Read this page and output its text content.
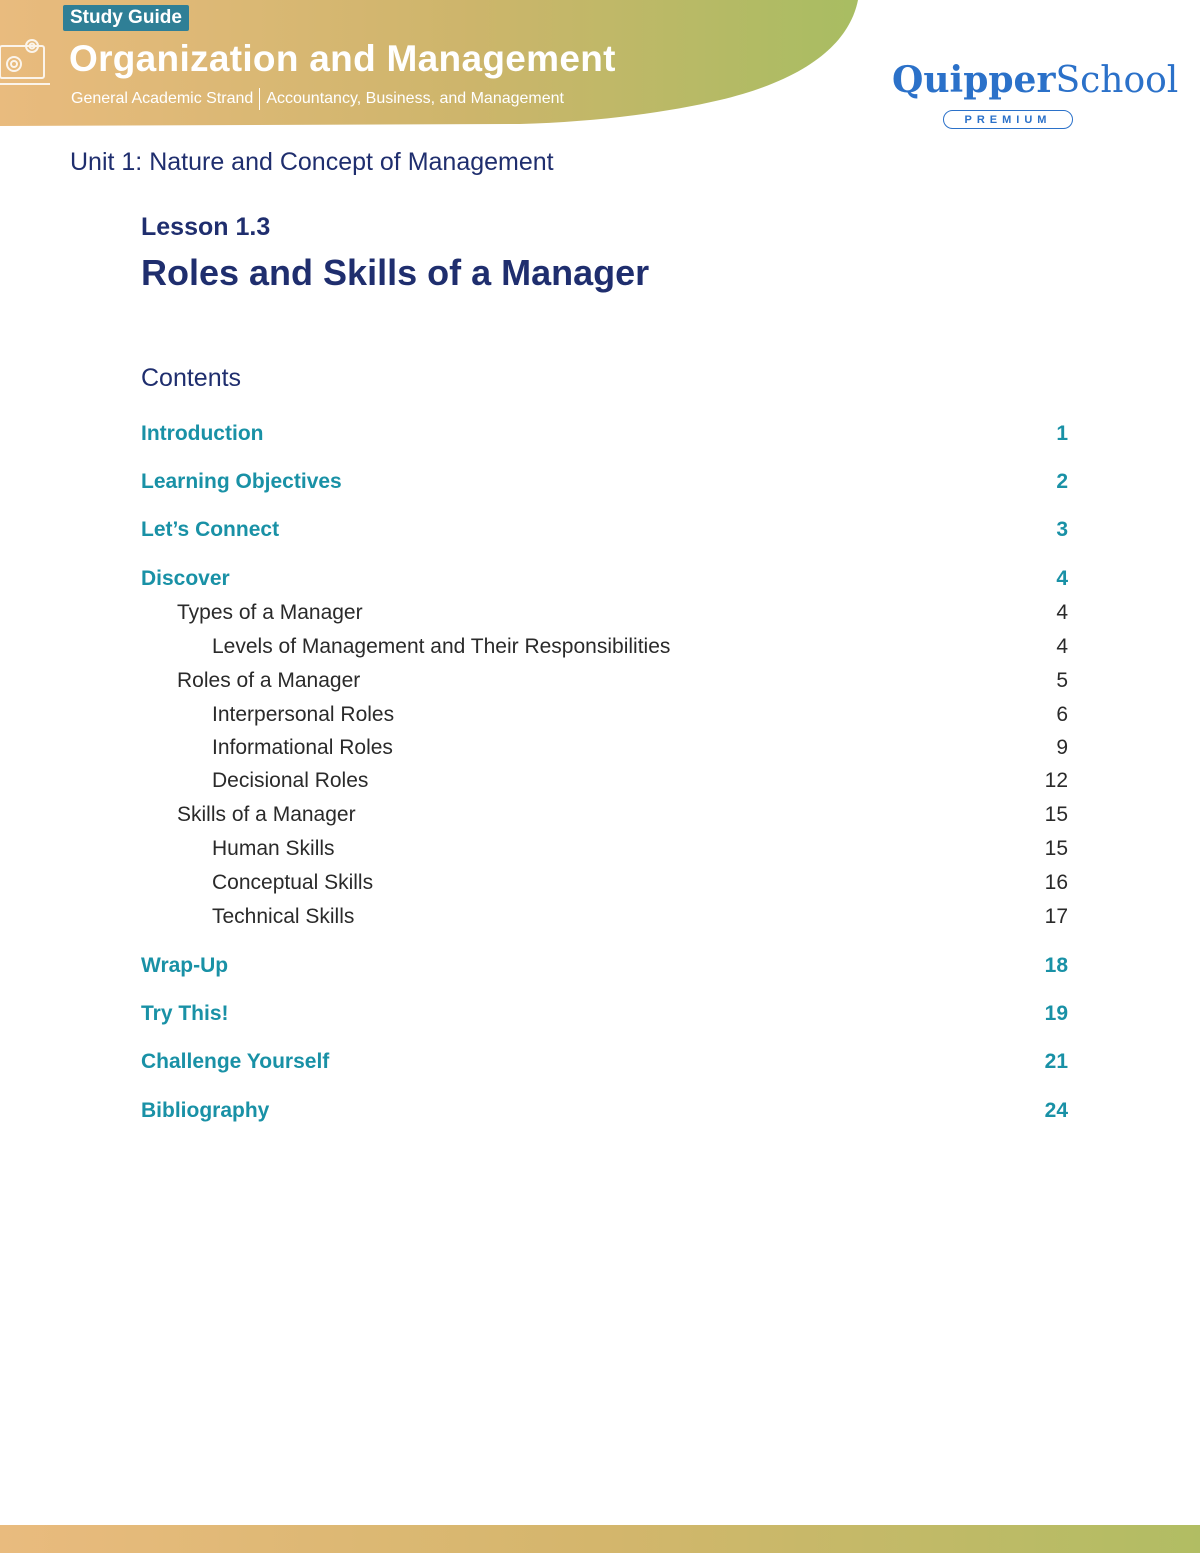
Study Guide
Organization and Management
General Academic Strand Accountancy, Business, and Management	QuipperSchool
PREMIUM
Unit 1: Nature and Concept of Management
Lesson 1.3
Roles and Skills of a Manager
Contents
Introduction	1
Learning Objectives	2
Let’s Connect	3
Discover	4
Types of a Manager	4
Levels of Management and Their Responsibilities	4
Roles of a Manager	5
Interpersonal Roles	6
Informational Roles	9
Decisional Roles	12
Skills of a Manager	15
Human Skills	15
Conceptual Skills	16
Technical Skills	17
Wrap-Up	18
Try This!	19
Challenge Yourself	21
Bibliography	24
